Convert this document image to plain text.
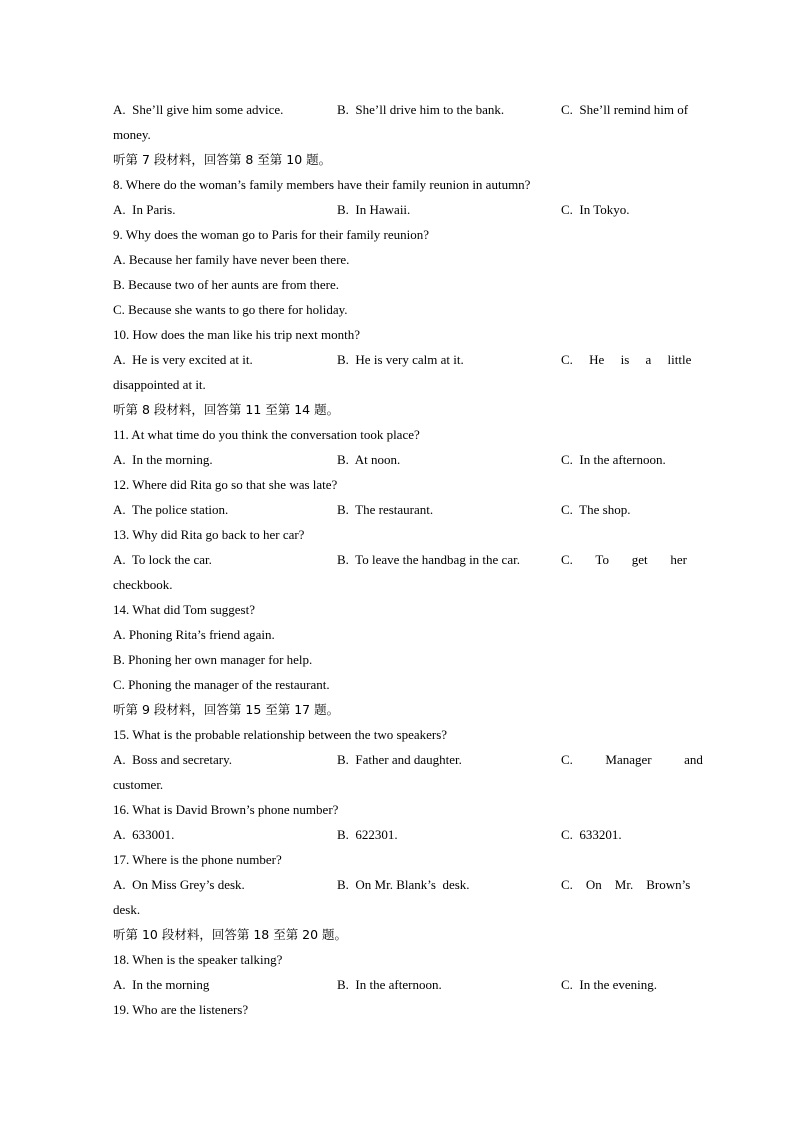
A.  She’ll give him some advice.	B.  She’ll drive him to the bank.	C.  She’ll remind him of
money.
听第 7 段材料，回答第 8 至第 10 题。
8. Where do the woman’s family members have their family reunion in autumn?
A.  In Paris.	B.  In Hawaii.	C.  In Tokyo.
9. Why does the woman go to Paris for their family reunion?
A. Because her family have never been there.
B. Because two of her aunts are from there.
C. Because she wants to go there for holiday.
10. How does the man like his trip next month?
A.  He is very excited at it.	B.  He is very calm at it.	C.     He     is     a     little
disappointed at it.
听第 8 段材料，回答第 11 至第 14 题。
11. At what time do you think the conversation took place?
A.  In the morning.	B.  At noon.	C.  In the afternoon.
12. Where did Rita go so that she was late?
A.  The police station.	B.  The restaurant.	C.  The shop.
13. Why did Rita go back to her car?
A.  To lock the car.	B.  To leave the handbag in the car.	C.       To       get       her
checkbook.
14. What did Tom suggest?
A. Phoning Rita’s friend again.
B. Phoning her own manager for help.
C. Phoning the manager of the restaurant.
听第 9 段材料，回答第 15 至第 17 题。
15. What is the probable relationship between the two speakers?
A.  Boss and secretary.	B.  Father and daughter.	C.          Manager          and
customer.
16. What is David Brown’s phone number?
A.  633001.	B.  622301.	C.  633201.
17. Where is the phone number?
A.  On Miss Grey’s desk.	B.  On Mr. Blank’s  desk.	C.    On    Mr.    Brown’s
desk.
听第 10 段材料，回答第 18 至第 20 题。
18. When is the speaker talking?
A.  In the morning	B.  In the afternoon.	C.  In the evening.
19. Who are the listeners?
